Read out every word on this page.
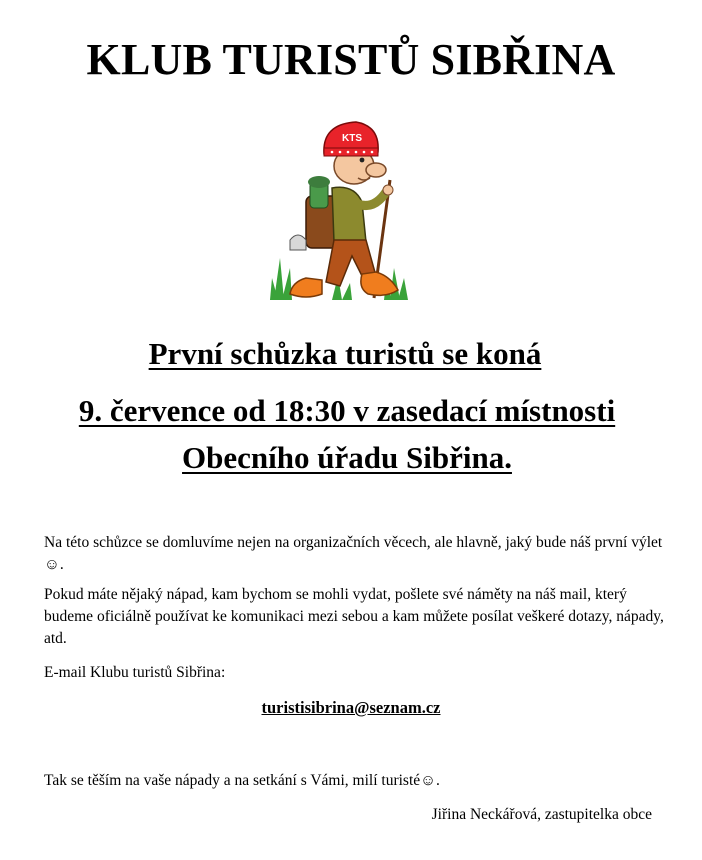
KLUB TURISTŮ SIBŘINA
KTS

První schůzka turistů se koná

9. července od 18:30 v zasedací místnosti

Obecního úřadu Sibřina.

Na této schůzce se domluvíme nejen na organizačních věcech, ale hlavně, jaký bude náš první výlet☺.

Pokud máte nějaký nápad, kam bychom se mohli vydat, pošlete své náměty na náš mail, který budeme oficiálně používat ke komunikaci mezi sebou a kam můžete posílat veškeré dotazy, nápady, atd.

E-mail Klubu turistů Sibřina:

turistisibrina@seznam.cz

Tak se těším na vaše nápady a na setkání s Vámi, milí turisté☺.

Jiřina Neckářová, zastupitelka obce
